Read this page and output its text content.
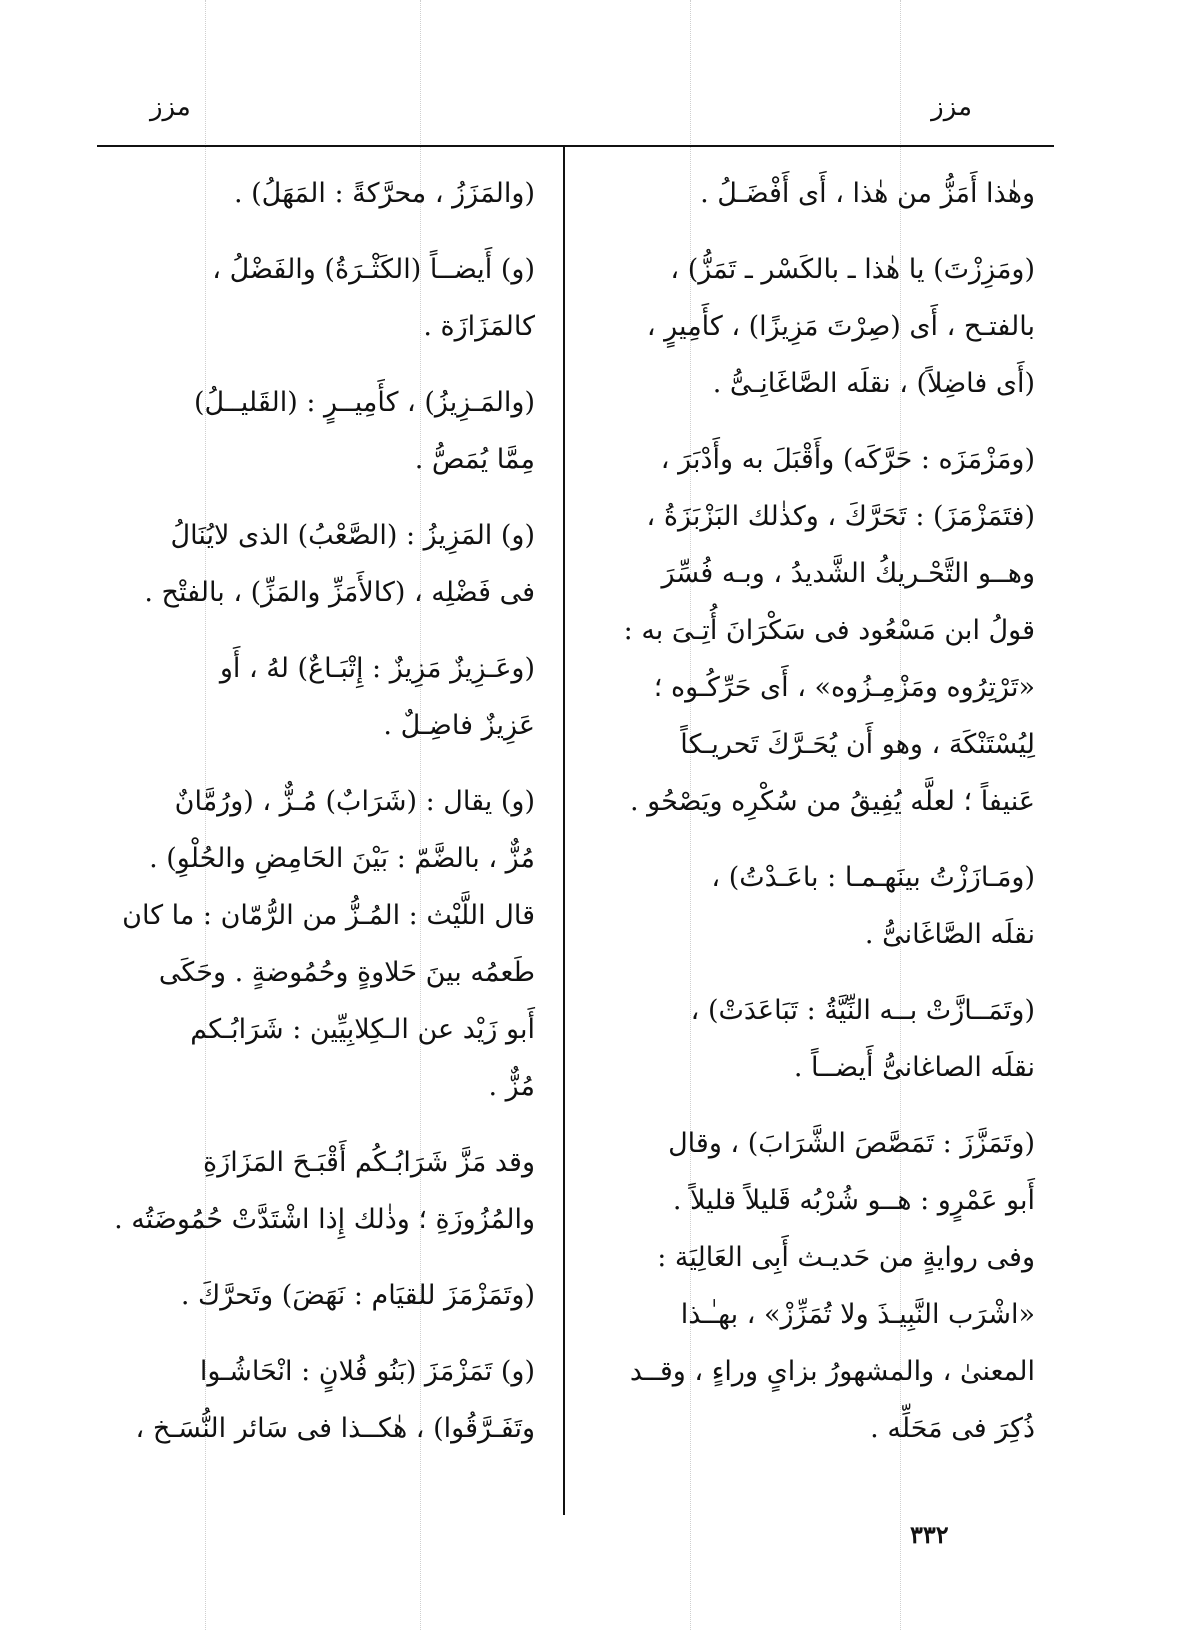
مزز
مزز
وهٰذا أَمَزُّ من هٰذا ، أَى أَفْضَـلُ .
(ومَزِزْتَ) يا هٰذا ـ بالكَسْر ـ تَمَزُّ) ،
بالفتـح ، أَى (صِرْتَ مَزِيزًا) ، كأَمِيرٍ ،
(أَى فاضِلاً) ، نقلَه الصَّاغَانِـىُّ .
(ومَزْمَزَه : حَرَّكَه) وأَقْبَلَ به وأَدْبَرَ ،
(فتَمَزْمَزَ) : تَحَرَّكَ ، وكذٰلك البَزْبَزَةُ ،
وهــو التَّحْـريكُ الشَّديدُ ، وبـه فُسِّرَ
قولُ ابن مَسْعُود فى سَكْرَانَ أُتِـىَ به :
«تَرْتِرُوه ومَزْمِـزُوه» ، أَى حَرِّكُـوه ؛
لِيُسْتَنْكَهَ ، وهو أَن يُحَـرَّكَ تَحريـكاً
عَنيفاً ؛ لعلَّه يُفِيقُ من سُكْرِه ويَصْحُو .
(ومَـازَزْتُ بينَهـمـا : باعَـدْتُ) ،
نقلَه الصَّاغَانىُّ .
(وتَمَــازَّتْ بــه النِّيَّةُ : تَبَاعَدَتْ) ،
نقلَه الصاغانىُّ أَيضــاً .
(وتَمَزَّزَ : تَمَصَّصَ الشَّرَابَ) ، وقال
أَبو عَمْرٍو : هــو شُرْبُه قَليلاً قليلاً .
وفى روايةٍ من حَديـث أَبِى العَالِيَة :
«اشْرَب النَّبِيـذَ ولا تُمَزِّزْ» ، بهـٰـذا
المعنىٰ ، والمشهورُ بزاىٍ وراءٍ ، وقــد
ذُكِرَ فى مَحَلِّه .
(والمَزَزُ ، محرَّكةً : المَهَلُ) .
(و) أَيضــاً (الكَثْـرَةُ) والفَضْلُ ،
كالمَزَازَة .
(والمَـزِيزُ) ، كأَمِيــرٍ : (القَليــلُ)
مِمَّا يُمَصُّ .
(و) المَزِيزُ : (الصَّعْبُ) الذى لايُنَالُ
فى فَضْلِه ، (كالأَمَزِّ والمَزِّ) ، بالفتْح .
(وعَـزِيزٌ مَزِيزٌ : إِتْبَـاعٌ) لهُ ، أَو
عَزِيزٌ فاضِـلٌ .
(و) يقال : (شَرَابٌ) مُـزٌّ ، (ورُمَّانٌ
مُزٌّ ، بالضَّمّ : بَيْنَ الحَامِضِ والحُلْوِ) .
قال اللَّيْث : المُـزُّ من الرُّمّان : ما كان
طَعمُه بينَ حَلاوةٍ وحُمُوضةٍ . وحَكَى
أَبو زَيْد عن الـكِلابِيِّين : شَرَابُـكم
مُزٌّ .
وقد مَزَّ شَرَابُـكُم أَقْبَـحَ المَزَازَةِ
والمُزُوزَةِ ؛ وذٰلك إِذا اشْتَدَّتْ حُمُوضَتُه .
(وتَمَزْمَزَ للقيَام : نَهَضَ) وتَحرَّكَ .
(و) تَمَزْمَزَ (بَنُو فُلانٍ : انْحَاشُـوا
وتَفَـرَّقُوا) ، هٰكــذا فى سَائر النُّسَـخ ،
٣٣٢
